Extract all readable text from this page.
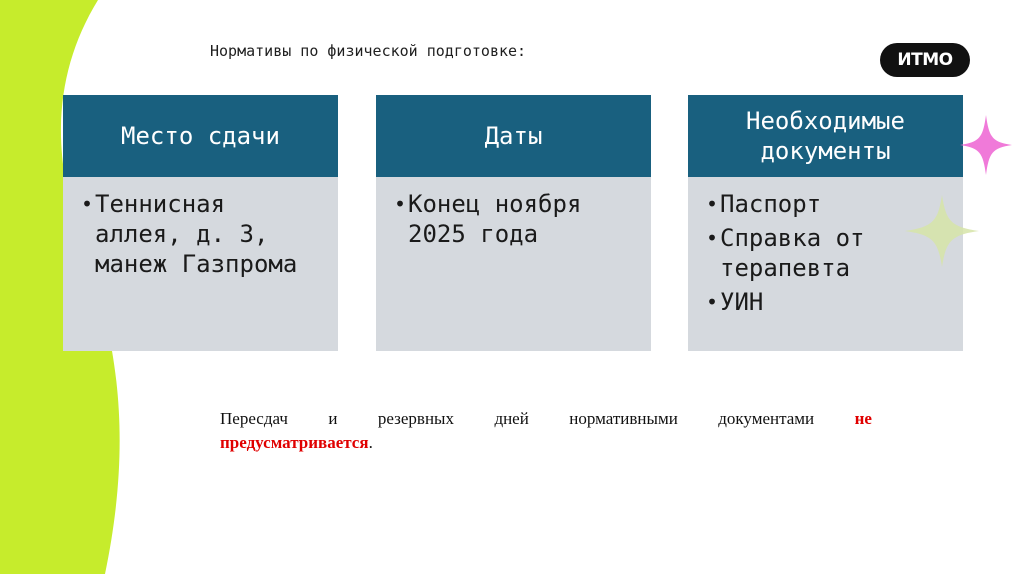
Нормативы по физической подготовке:	ИТМО
Место сдачи
• Теннисная аллея, д. 3, манеж Газпрома
Даты
• Конец ноября 2025 года
Необходимые
документы
• Паспорт
• Справка от терапевта
• УИН
Пересдач и резервных дней нормативными документами не
предусматривается.
